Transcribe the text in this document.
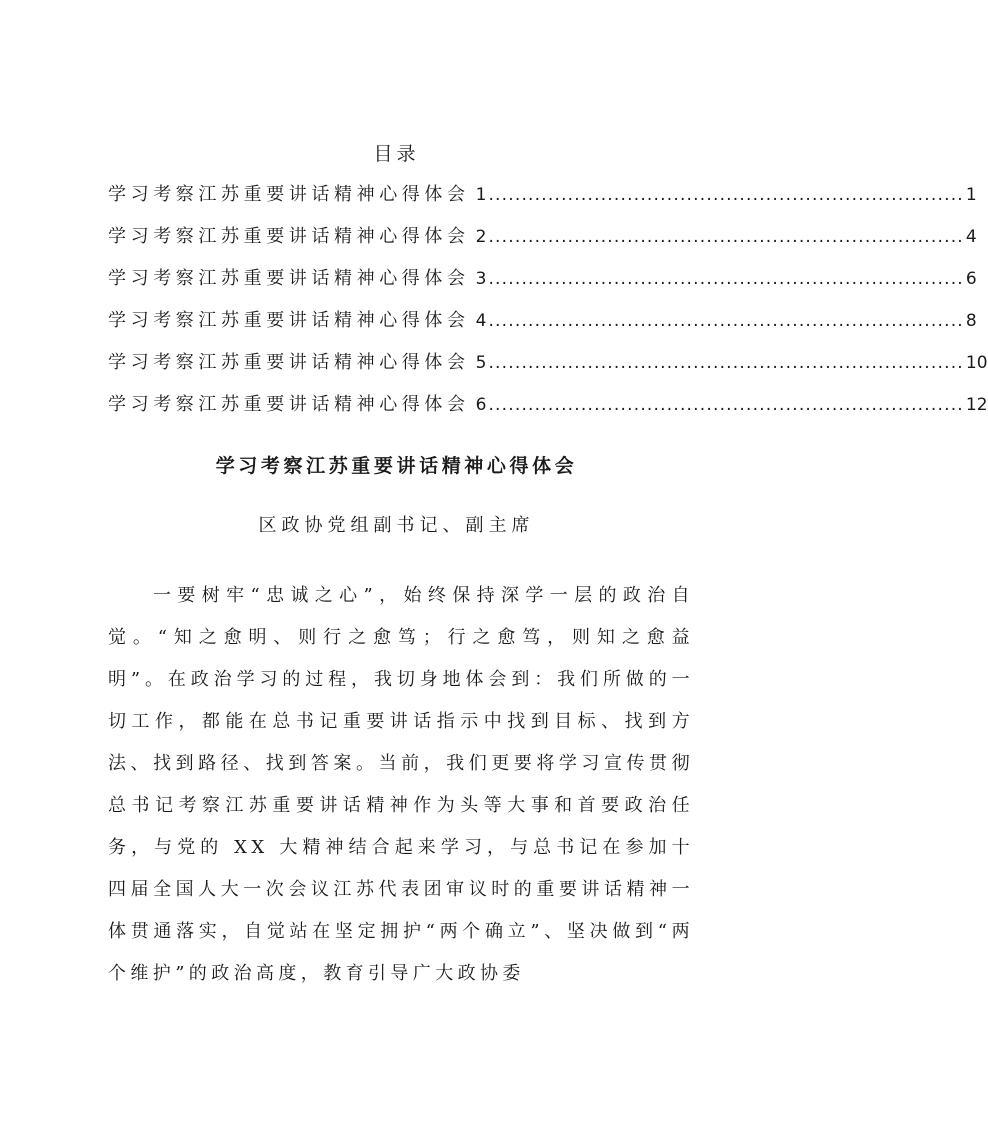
目录
学习考察江苏重要讲话精神心得体会 1 ........................................................................ 1
学习考察江苏重要讲话精神心得体会 2 ........................................................................ 4
学习考察江苏重要讲话精神心得体会 3 ........................................................................ 6
学习考察江苏重要讲话精神心得体会 4 ........................................................................ 8
学习考察江苏重要讲话精神心得体会 5 ........................................................................ 10
学习考察江苏重要讲话精神心得体会 6 ........................................................................ 12
学习考察江苏重要讲话精神心得体会
区政协党组副书记、副主席

一要树牢“忠诚之心”，始终保持深学一层的政治自觉。“知之愈明、则行之愈笃；行之愈笃，则知之愈益明”。在政治学习的过程，我切身地体会到：我们所做的一切工作，都能在总书记重要讲话指示中找到目标、找到方法、找到路径、找到答案。当前，我们更要将学习宣传贯彻总书记考察江苏重要讲话精神作为头等大事和首要政治任务，与党的 XX 大精神结合起来学习，与总书记在参加十四届全国人大一次会议江苏代表团审议时的重要讲话精神一体贯通落实，自觉站在坚定拥护“两个确立”、坚决做到“两个维护”的政治高度，教育引导广大政协委
